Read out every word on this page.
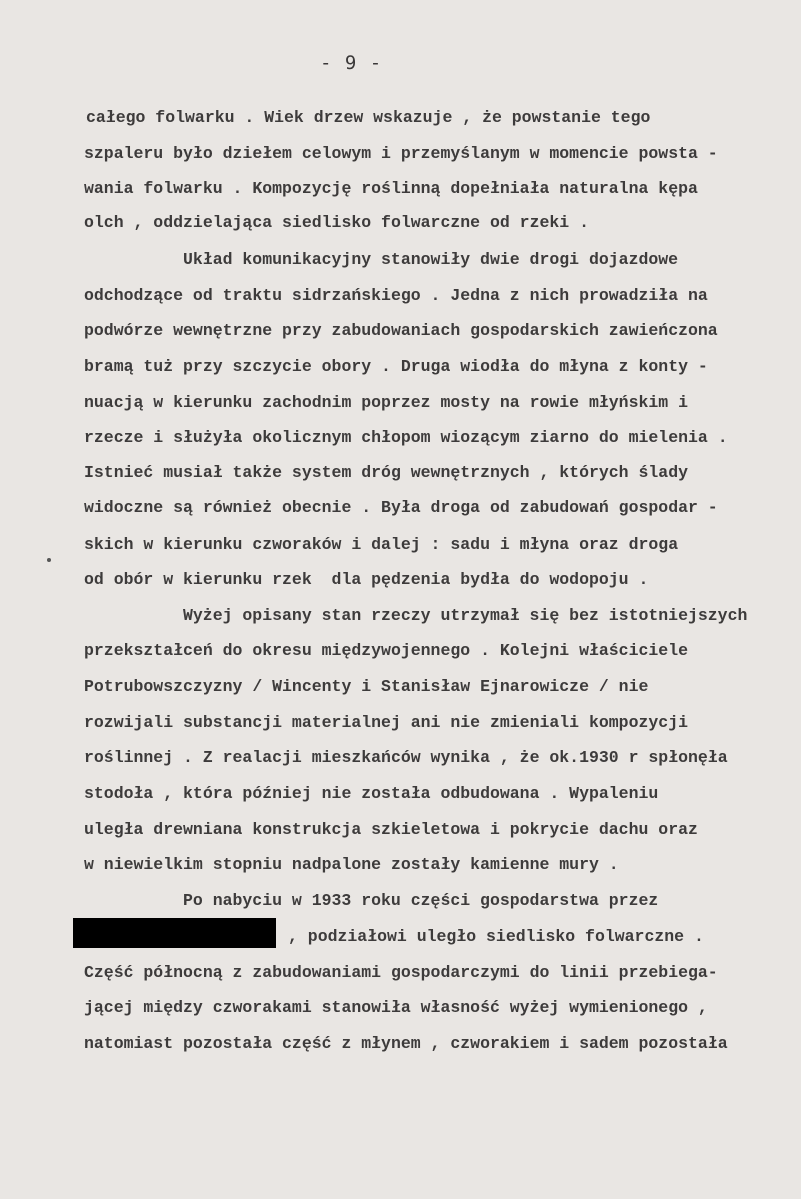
- 9 -
całego folwarku . Wiek drzew wskazuje , że powstanie tego
szpaleru było dziełem celowym i przemyślanym w momencie powsta -
wania folwarku . Kompozycję roślinną dopełniała naturalna kępa
olch , oddzielająca siedlisko folwarczne od rzeki .
Układ komunikacyjny stanowiły dwie drogi dojazdowe
odchodzące od traktu sidrzańskiego . Jedna z nich prowadziła na
podwórze wewnętrzne przy zabudowaniach gospodarskich zawieńczona
bramą tuż przy szczycie obory . Druga wiodła do młyna z konty -
nuacją w kierunku zachodnim poprzez mosty na rowie młyńskim i
rzecze i służyła okolicznym chłopom wiozącym ziarno do mielenia .
Istnieć musiał także system dróg wewnętrznych , których ślady
widoczne są również obecnie . Była droga od zabudowań gospodar -
skich w kierunku czworaków i dalej : sadu i młyna oraz droga
od obór w kierunku rzek  dla pędzenia bydła do wodopoju .
Wyżej opisany stan rzeczy utrzymał się bez istotniejszych
przekształceń do okresu międzywojennego . Kolejni właściciele
Potrubowszczyzny / Wincenty i Stanisław Ejnarowicze / nie
rozwijali substancji materialnej ani nie zmieniali kompozycji
roślinnej . Z realacji mieszkańców wynika , że ok.1930 r spłonęła
stodoła , która później nie została odbudowana . Wypaleniu
uległa drewniana konstrukcja szkieletowa i pokrycie dachu oraz
w niewielkim stopniu nadpalone zostały kamienne mury .
Po nabyciu w 1933 roku części gospodarstwa przez
, podziałowi uległo siedlisko folwarczne .
Część północną z zabudowaniami gospodarczymi do linii przebiega-
jącej między czworakami stanowiła własność wyżej wymienionego ,
natomiast pozostała część z młynem , czworakiem i sadem pozostała
